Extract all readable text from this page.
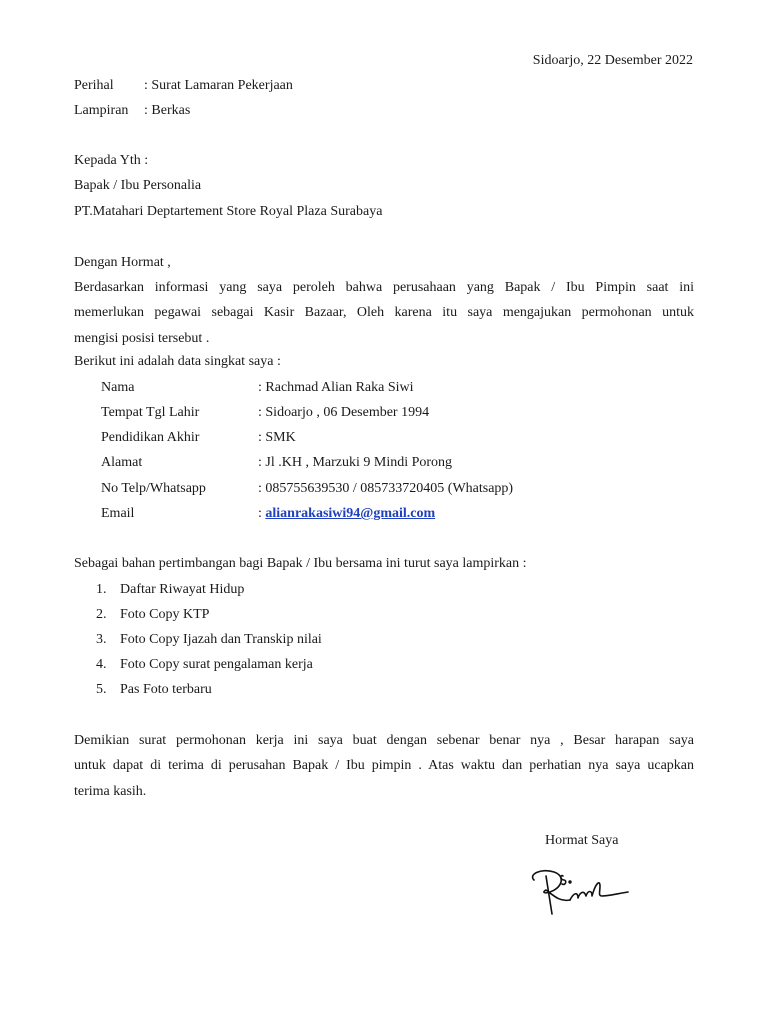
Sidoarjo, 22 Desember 2022
Perihal : Surat Lamaran Pekerjaan
Lampiran : Berkas
Kepada Yth :
Bapak / Ibu Personalia
PT.Matahari Deptartement Store Royal Plaza Surabaya
Dengan Hormat ,
Berdasarkan informasi yang saya peroleh bahwa perusahaan yang Bapak / Ibu Pimpin saat ini
memerlukan pegawai sebagai Kasir Bazaar, Oleh karena itu saya mengajukan permohonan untuk
mengisi posisi tersebut .
Berikut ini adalah data singkat saya :
Nama	: Rachmad Alian Raka Siwi
Tempat Tgl Lahir	: Sidoarjo , 06 Desember 1994
Pendidikan Akhir	: SMK
Alamat	: Jl .KH , Marzuki 9 Mindi Porong
No Telp/Whatsapp	: 085755639530 / 085733720405 (Whatsapp)
Email	: alianrakasiwi94@gmail.com
Sebagai bahan pertimbangan bagi Bapak / Ibu bersama ini turut saya lampirkan :
1. Daftar Riwayat Hidup
2. Foto Copy KTP
3. Foto Copy Ijazah dan Transkip nilai
4. Foto Copy surat pengalaman kerja
5. Pas Foto terbaru
Demikian surat permohonan kerja ini saya buat dengan sebenar benar nya , Besar harapan saya
untuk dapat di terima di perusahan Bapak / Ibu pimpin . Atas waktu dan perhatian nya saya ucapkan
terima kasih.
Hormat Saya
